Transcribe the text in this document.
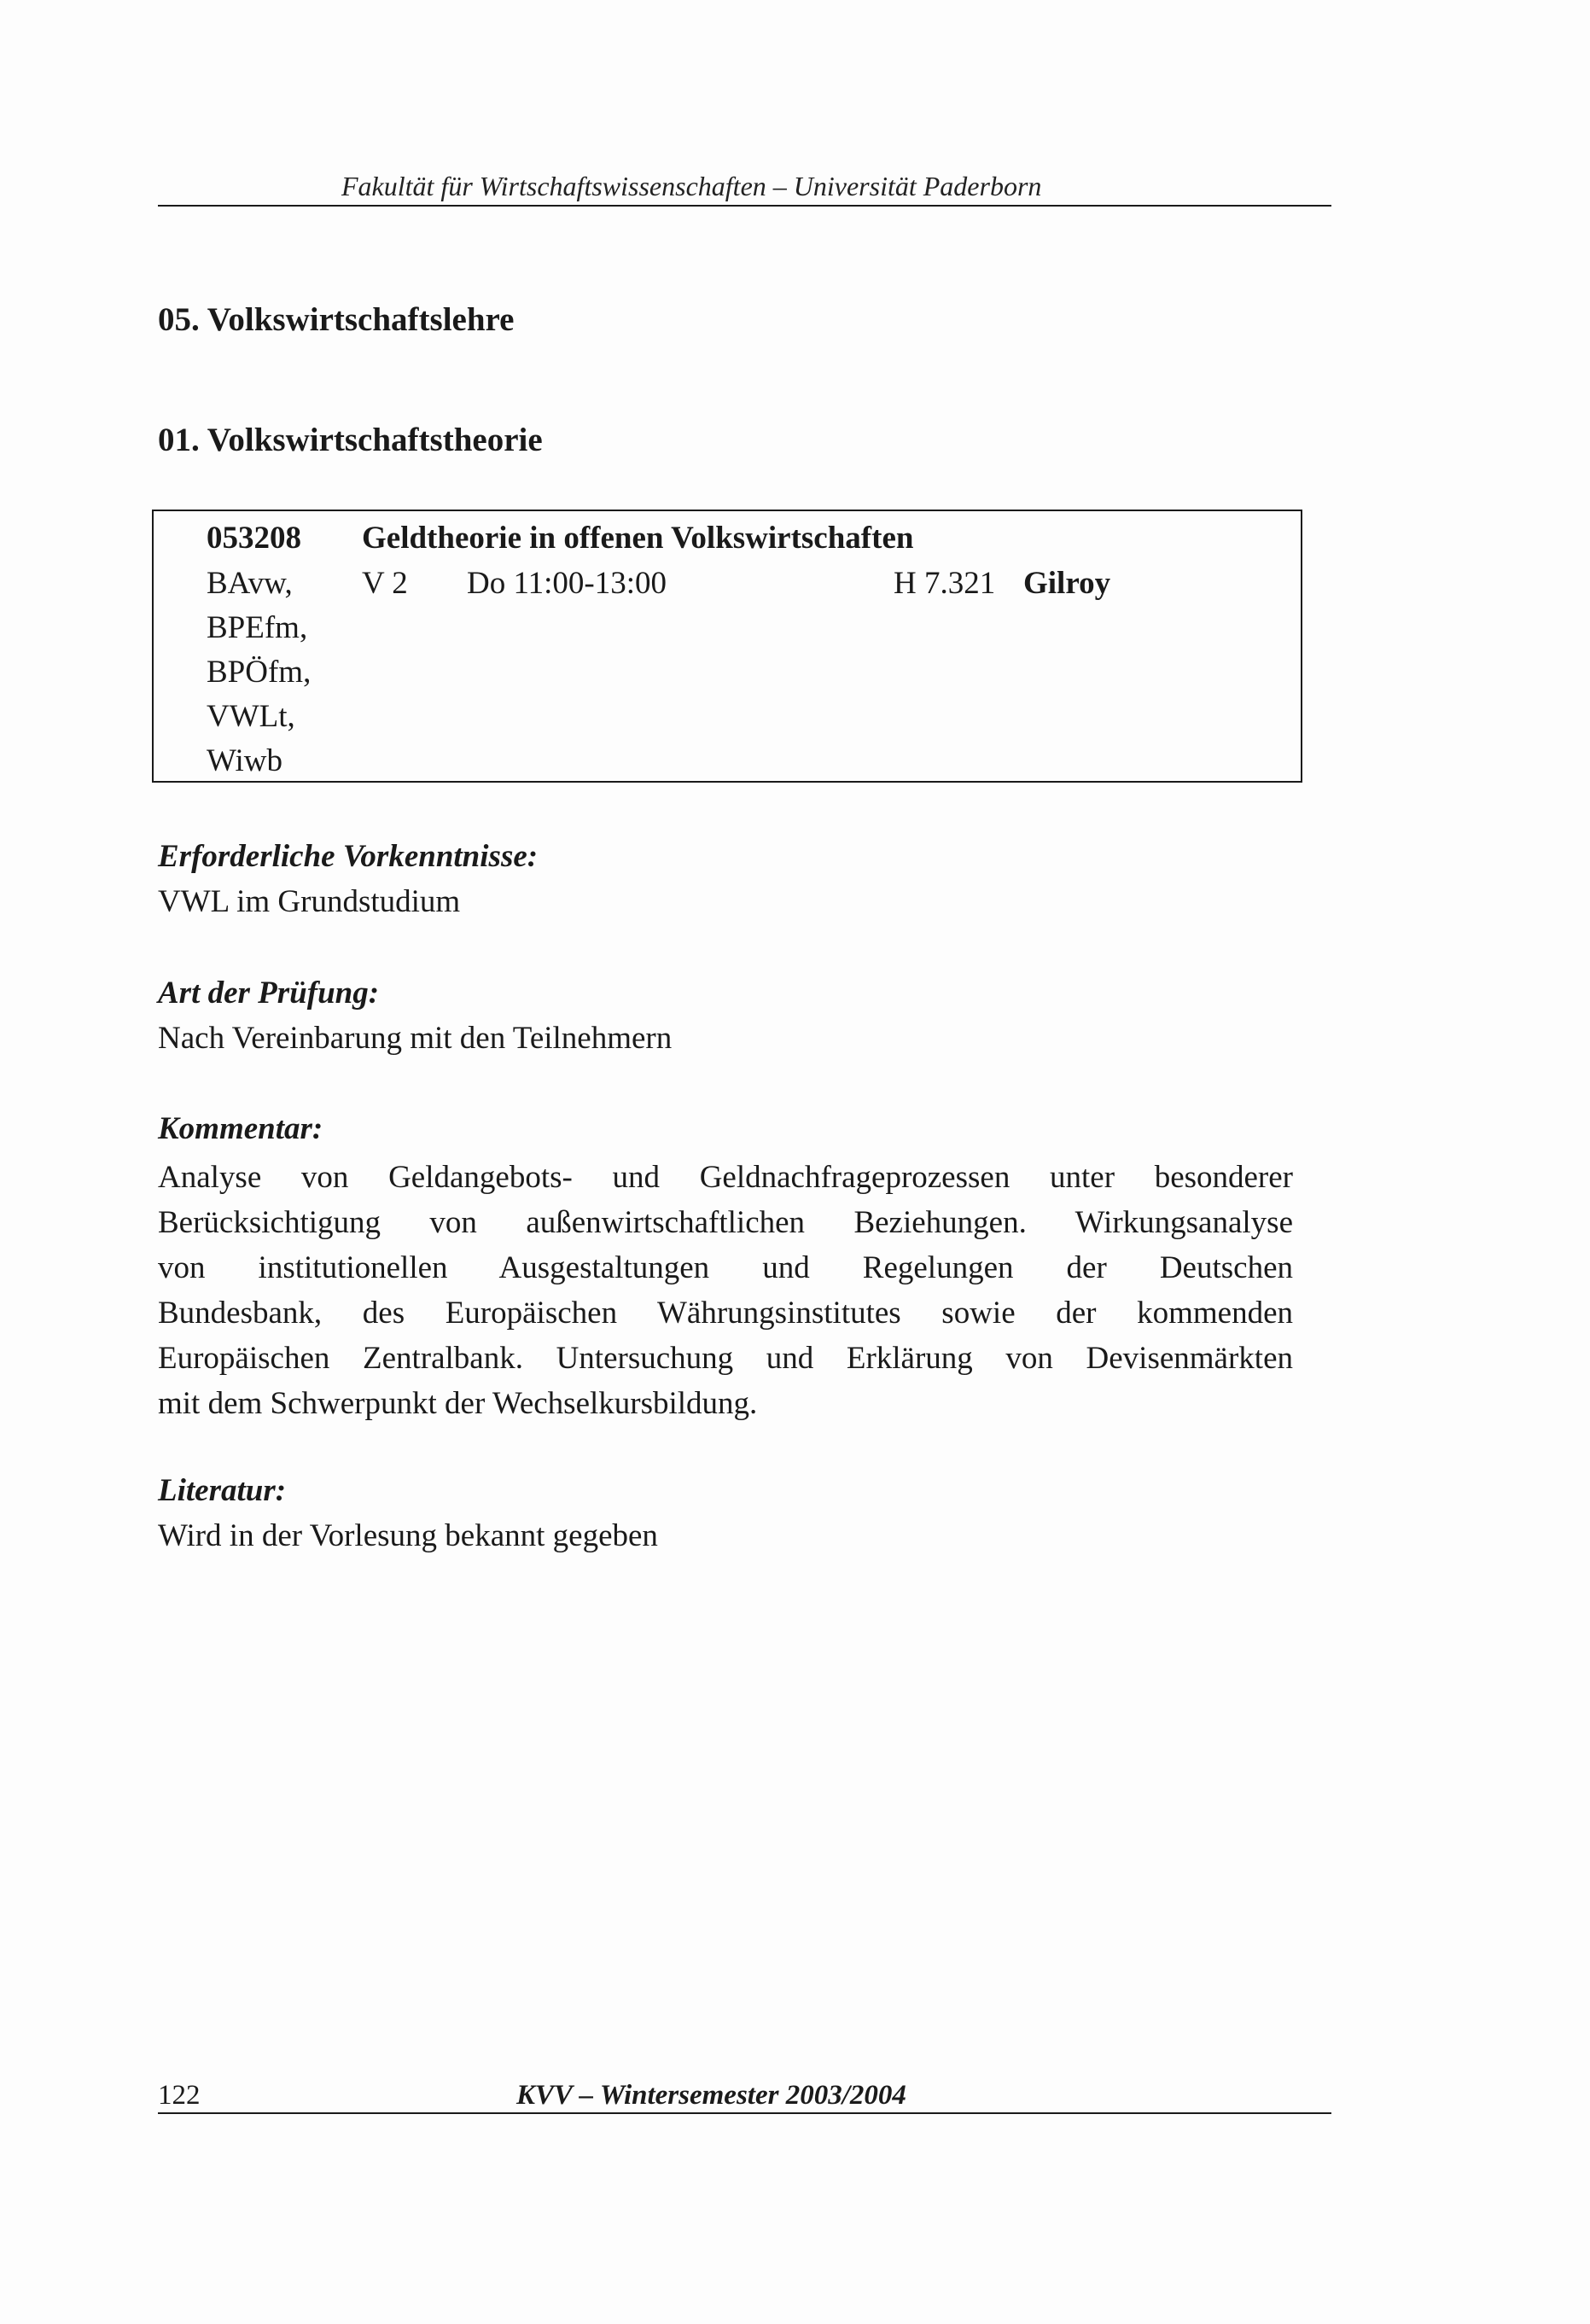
Fakultät für Wirtschaftswissenschaften – Universität Paderborn
05. Volkswirtschaftslehre
01. Volkswirtschaftstheorie
053208 Geldtheorie in offenen Volkswirtschaften
BAvw,
BPEfm,
BPÖfm,
VWLt,
Wiwb
V 2 Do 11:00-13:00	H 7.321 Gilroy
Erforderliche Vorkenntnisse:
VWL im Grundstudium
Art der Prüfung:
Nach Vereinbarung mit den Teilnehmern
Kommentar:
Analyse von Geldangebots- und Geldnachfrageprozessen unter besonderer
Berücksichtigung von außenwirtschaftlichen Beziehungen. Wirkungsanalyse
von institutionellen Ausgestaltungen und Regelungen der Deutschen
Bundesbank, des Europäischen Währungsinstitutes sowie der kommenden
Europäischen Zentralbank. Untersuchung und Erklärung von Devisenmärkten
mit dem Schwerpunkt der Wechselkursbildung.
Literatur:
Wird in der Vorlesung bekannt gegeben
122	KVV – Wintersemester 2003/2004
